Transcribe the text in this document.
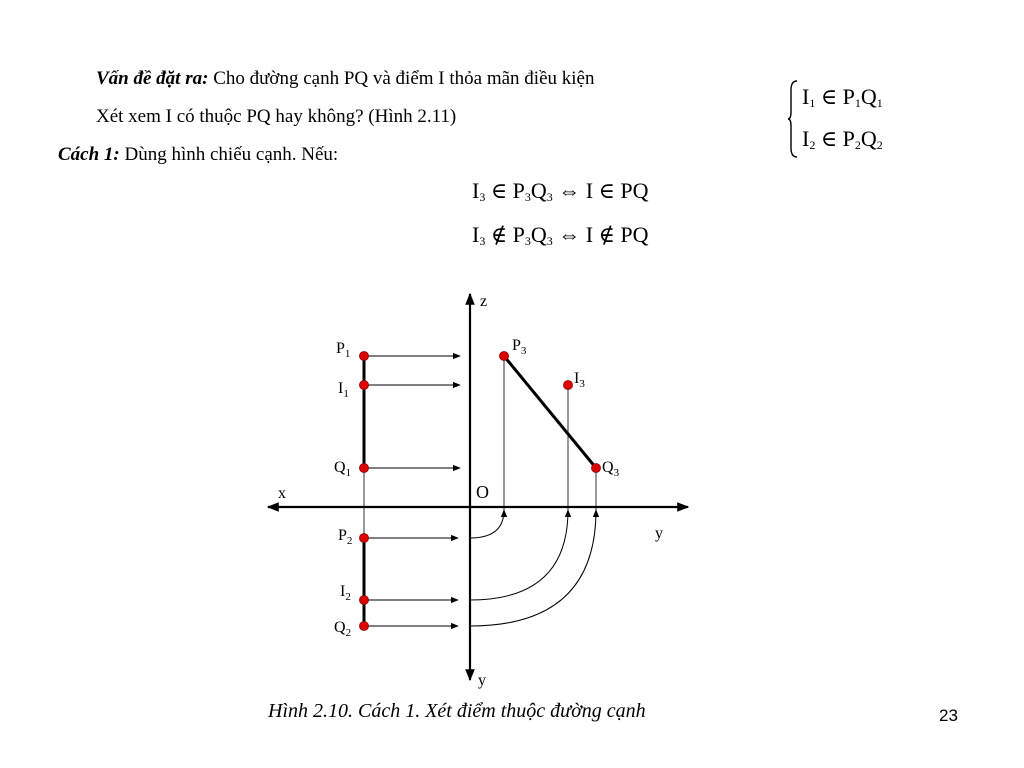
Vấn đề đặt ra: Cho đường cạnh PQ và điểm I thỏa mãn điều kiện
Xét xem I có thuộc PQ hay không? (Hình 2.11)
Cách 1: Dùng hình chiếu cạnh. Nếu:
$I_1$ ∈ $P_1Q_1$
$I_2$ ∈ $P_2Q_2$
$I_3$ ∈ $P_3Q_3$ ⇔ I ∈ PQ
$I_3$ ∉ $P_3Q_3$ ⇔ I ∉ PQ
z
x	O
y
y
$P_1$
$I_1$
$Q_1$
$P_2$
$I_2$
$Q_2$
$P_3$
$I_3$
$Q_3$
Hình 2.10. Cách 1. Xét điểm thuộc đường cạnh	23
